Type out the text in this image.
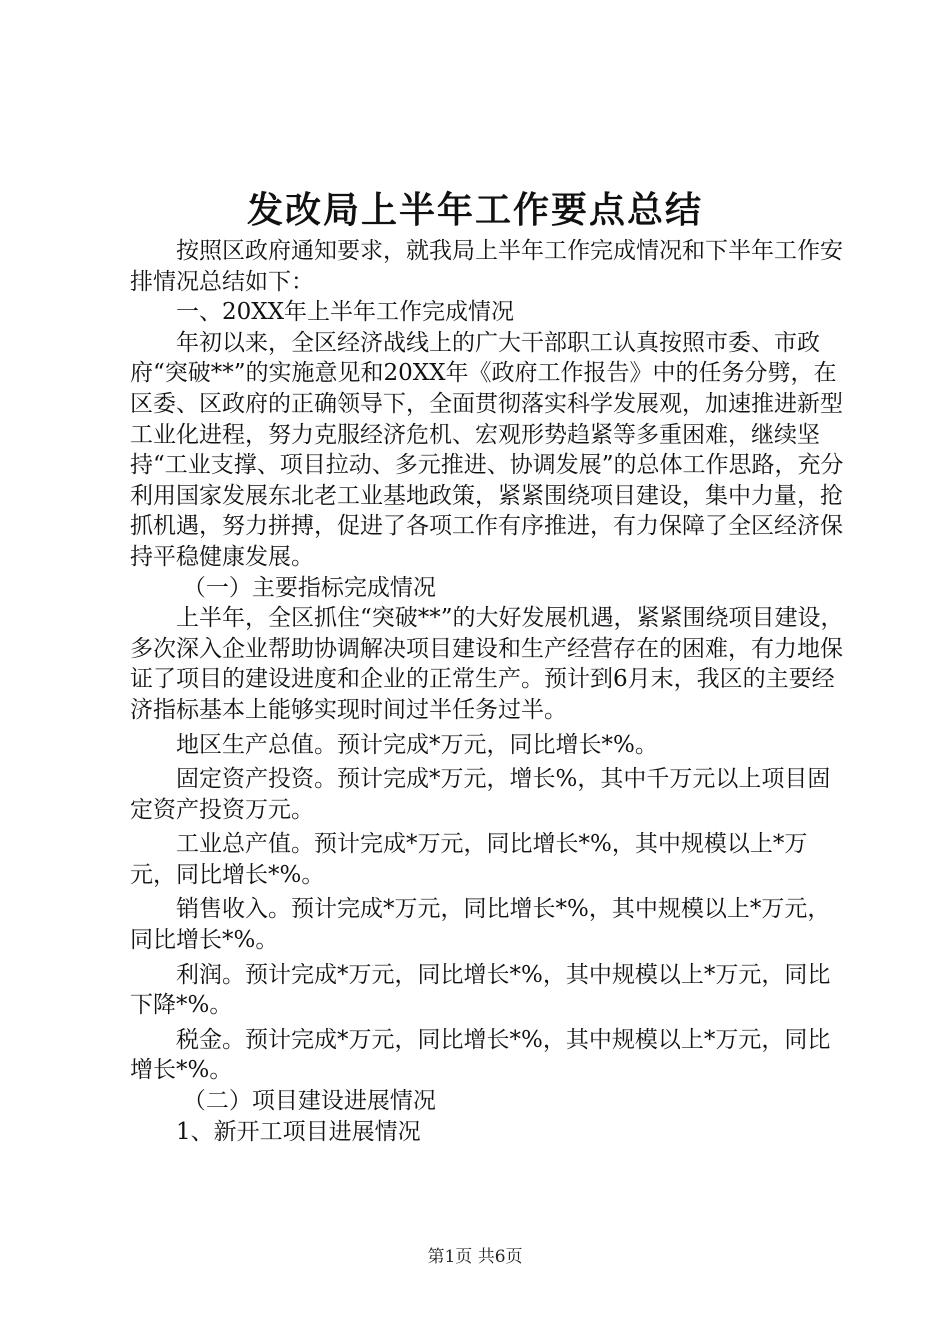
发改局上半年工作要点总结

按照区政府通知要求，就我局上半年工作完成情况和下半年工作安排情况总结如下：

一、20XX年上半年工作完成情况

年初以来，全区经济战线上的广大干部职工认真按照市委、市政府“突破**”的实施意见和20XX年《政府工作报告》中的任务分劈，在区委、区政府的正确领导下，全面贯彻落实科学发展观，加速推进新型工业化进程，努力克服经济危机、宏观形势趋紧等多重困难，继续坚持“工业支撑、项目拉动、多元推进、协调发展”的总体工作思路，充分利用国家发展东北老工业基地政策，紧紧围绕项目建设，集中力量，抢抓机遇，努力拼搏，促进了各项工作有序推进，有力保障了全区经济保持平稳健康发展。

（一）主要指标完成情况

上半年，全区抓住“突破**”的大好发展机遇，紧紧围绕项目建设，多次深入企业帮助协调解决项目建设和生产经营存在的困难，有力地保证了项目的建设进度和企业的正常生产。预计到6月末，我区的主要经济指标基本上能够实现时间过半任务过半。

地区生产总值。预计完成*万元，同比增长*%。

固定资产投资。预计完成*万元，增长%，其中千万元以上项目固定资产投资万元。

工业总产值。预计完成*万元，同比增长*%，其中规模以上*万元，同比增长*%。

销售收入。预计完成*万元，同比增长*%，其中规模以上*万元，同比增长*%。

利润。预计完成*万元，同比增长*%，其中规模以上*万元，同比下降*%。

税金。预计完成*万元，同比增长*%，其中规模以上*万元，同比增长*%。

（二）项目建设进展情况

1、新开工项目进展情况

第1页 共6页
